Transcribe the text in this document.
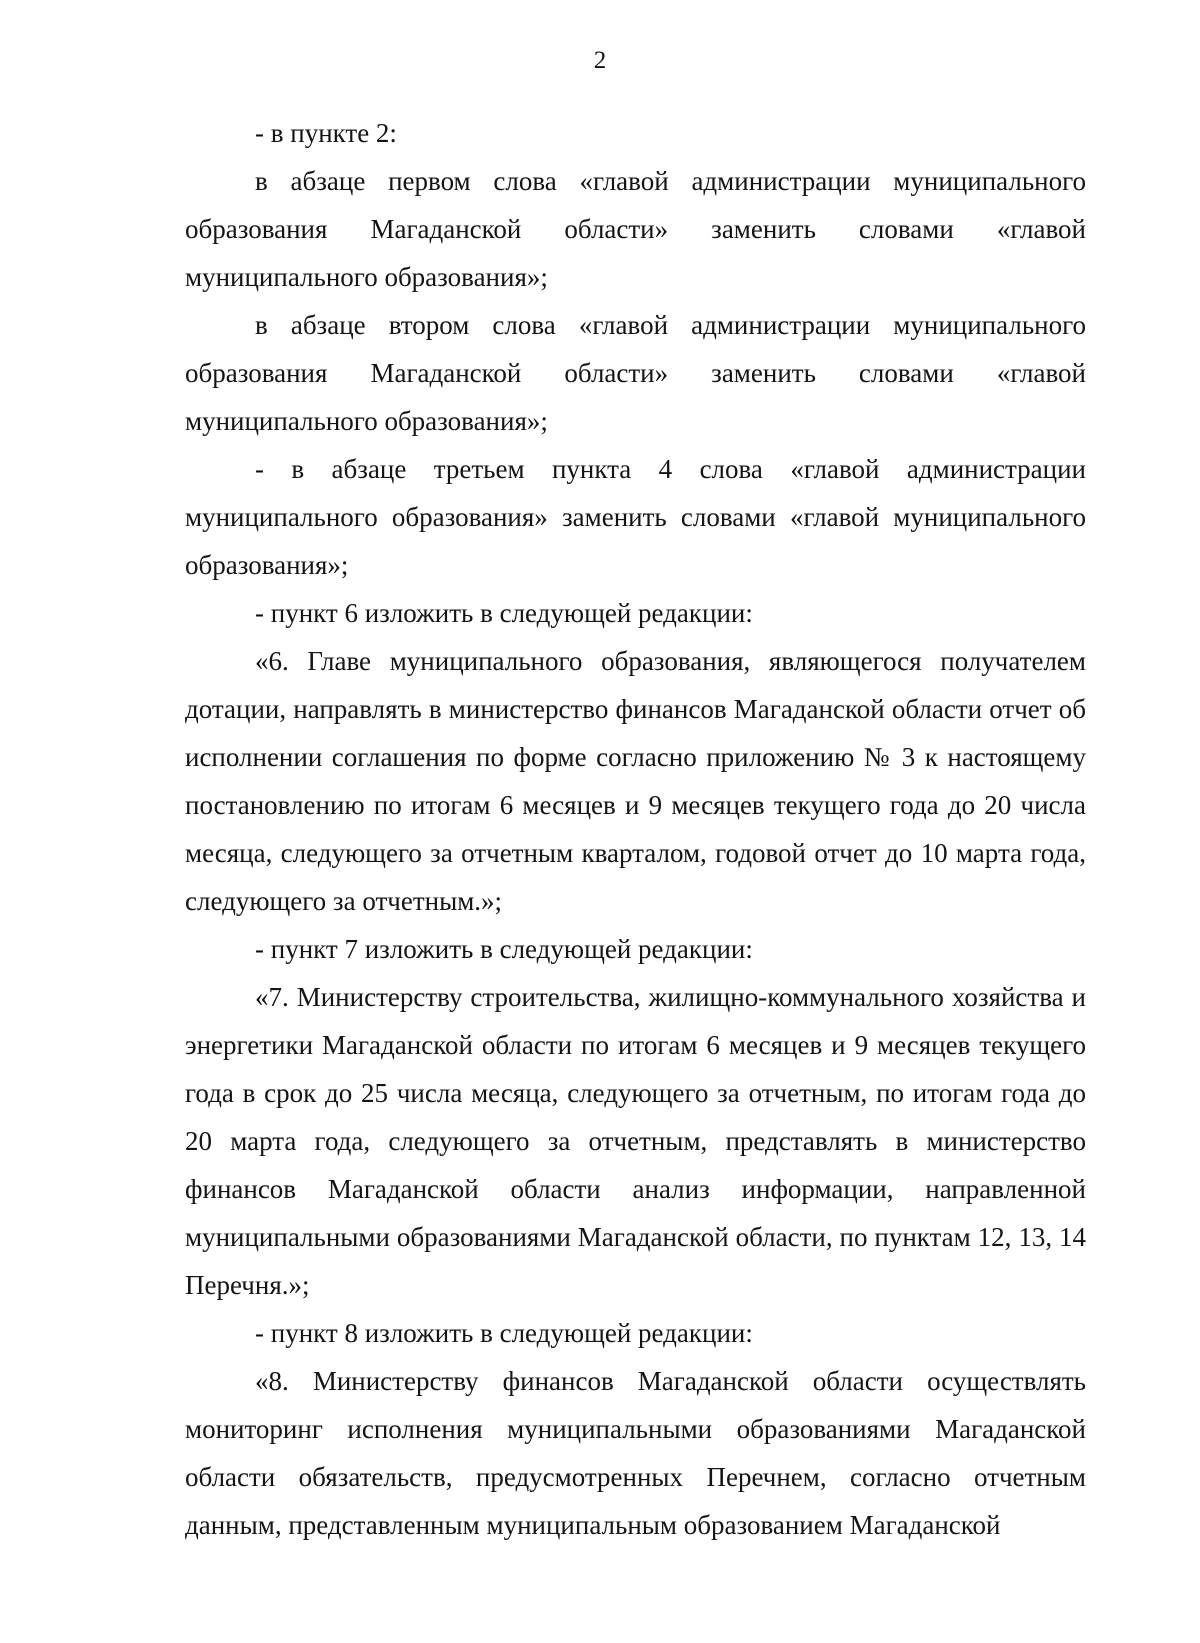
2

- в пункте 2:

в абзаце первом слова «главой администрации муниципального образования Магаданской области» заменить словами «главой муниципального образования»;

в абзаце втором слова «главой администрации муниципального образования Магаданской области» заменить словами «главой муниципального образования»;

- в абзаце третьем пункта 4 слова «главой администрации муниципального образования» заменить словами «главой муниципального образования»;

- пункт 6 изложить в следующей редакции:

«6. Главе муниципального образования, являющегося получателем дотации, направлять в министерство финансов Магаданской области отчет об исполнении соглашения по форме согласно приложению № 3 к настоящему постановлению по итогам 6 месяцев и 9 месяцев текущего года до 20 числа месяца, следующего за отчетным кварталом, годовой отчет до 10 марта года, следующего за отчетным.»;

- пункт 7 изложить в следующей редакции:

«7. Министерству строительства, жилищно-коммунального хозяйства и энергетики Магаданской области по итогам 6 месяцев и 9 месяцев текущего года в срок до 25 числа месяца, следующего за отчетным, по итогам года до 20 марта года, следующего за отчетным, представлять в министерство финансов Магаданской области анализ информации, направленной муниципальными образованиями Магаданской области, по пунктам 12, 13, 14 Перечня.»;

- пункт 8 изложить в следующей редакции:

«8. Министерству финансов Магаданской области осуществлять мониторинг исполнения муниципальными образованиями Магаданской области обязательств, предусмотренных Перечнем, согласно отчетным данным, представленным муниципальным образованием Магаданской
